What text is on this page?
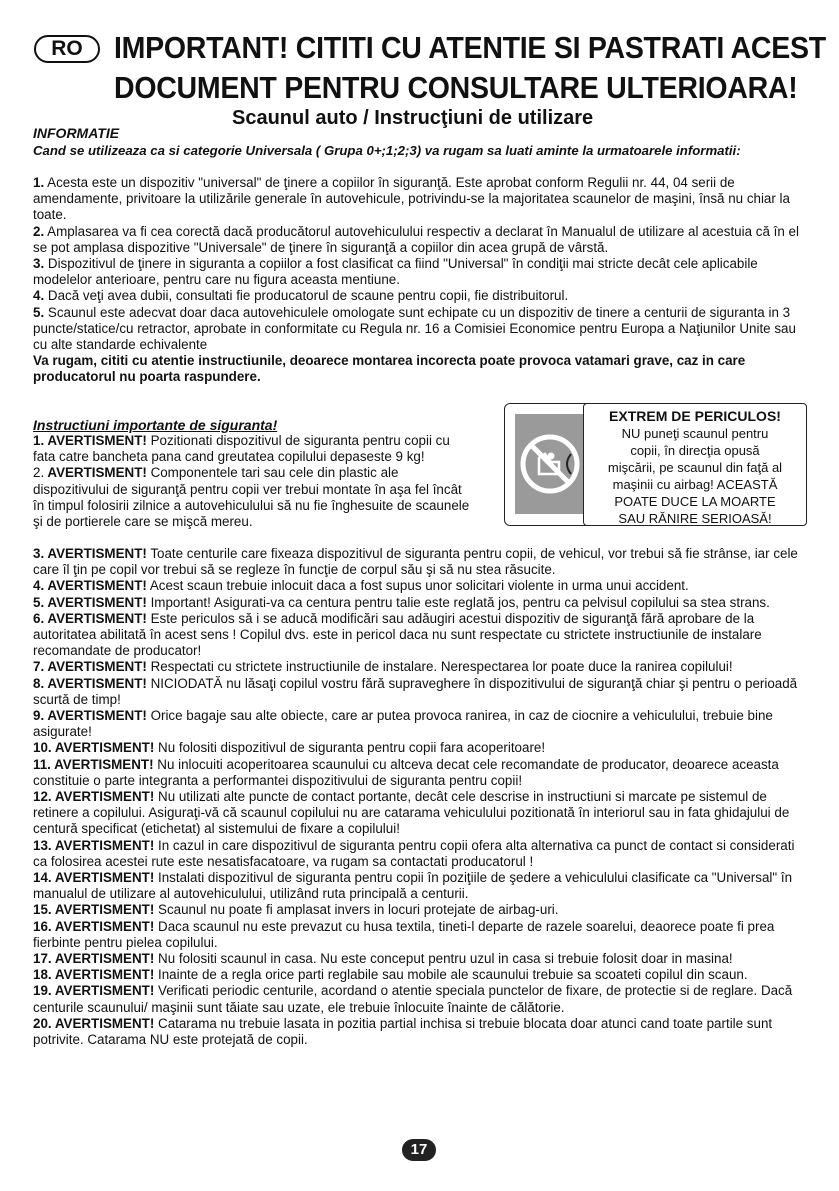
RO	IMPORTANT! CITITI CU ATENTIE SI PASTRATI ACEST
DOCUMENT PENTRU CONSULTARE ULTERIOARA!
Scaunul auto / Instrucţiuni de utilizare
INFORMATIE
Cand se utilizeaza ca si categorie Universala ( Grupa 0+;1;2;3) va rugam sa luati aminte la urmatoarele informatii:

1. Acesta este un dispozitiv "universal" de ţinere a copiilor în siguranţă. Este aprobat conform Regulii nr. 44, 04 serii de amendamente, privitoare la utilizările generale în autovehicule, potrivindu-se la majoritatea scaunelor de maşini, însă nu chiar la toate.

2. Amplasarea va fi cea corectă dacă producătorul autovehiculului respectiv a declarat în Manualul de utilizare al acestuia că în el se pot amplasa dispozitive "Universale" de ţinere în siguranţă a copiilor din acea grupă de vârstă.

3. Dispozitivul de ţinere in siguranta a copiilor a fost clasificat ca fiind "Universal" în condiţii mai stricte decât cele aplicabile modelelor anterioare, pentru care nu figura aceasta mentiune.

4. Dacă veţi avea dubii, consultati fie producatorul de scaune pentru copii, fie distribuitorul.

5. Scaunul este adecvat doar daca autovehiculele omologate sunt echipate cu un dispozitiv de tinere a centurii de siguranta in 3 puncte/statice/cu retractor, aprobate in conformitate cu Regula nr. 16 a Comisiei Economice pentru Europa a Naţiunilor Unite sau cu alte standarde echivalente

Va rugam, cititi cu atentie instructiunile, deoarece montarea incorecta poate provoca vatamari grave, caz in care producatorul nu poarta raspundere.

Instructiuni importante de siguranta!

1. AVERTISMENT! Pozitionati dispozitivul de siguranta pentru copii cu fata catre bancheta pana cand greutatea copilului depaseste 9 kg!

2. AVERTISMENT! Componentele tari sau cele din plastic ale dispozitivului de siguranţă pentru copii ver trebui montate în aşa fel încât în timpul folosirii zilnice a autovehiculului să nu fie înghesuite de scaunele şi de portierele care se mişcă mereu.

EXTREM DE PERICULOS!
NU puneţi scaunul pentru
copii, în direcţia opusă
mişcării, pe scaunul din faţă al
maşinii cu airbag! ACEASTĂ
POATE DUCE LA MOARTE
SAU RĂNIRE SERIOASĂ!

3. AVERTISMENT! Toate centurile care fixeaza dispozitivul de siguranta pentru copii, de vehicul, vor trebui să fie strânse, iar cele care îl ţin pe copil vor trebui să se regleze în funcţie de corpul său şi să nu stea răsucite.

4. AVERTISMENT! Acest scaun trebuie inlocuit daca a fost supus unor solicitari violente in urma unui accident.

5. AVERTISMENT! Important! Asigurati-va ca centura pentru talie este reglată jos, pentru ca pelvisul copilului sa stea strans.

6. AVERTISMENT! Este periculos să i se aducă modificări sau adăugiri acestui dispozitiv de siguranţă fără aprobare de la autoritatea abilitată în acest sens ! Copilul dvs. este in pericol daca nu sunt respectate cu strictete instructiunile de instalare recomandate de producator!

7. AVERTISMENT! Respectati cu strictete instructiunile de instalare. Nerespectarea lor poate duce la ranirea copilului!

8. AVERTISMENT! NICIODATĂ nu lăsaţi copilul vostru fără supraveghere în dispozitivului de siguranţă chiar şi pentru o perioadă scurtă de timp!

9. AVERTISMENT! Orice bagaje sau alte obiecte, care ar putea provoca ranirea, in caz de ciocnire a vehiculului, trebuie bine asigurate!

10. AVERTISMENT! Nu folositi dispozitivul de siguranta pentru copii fara acoperitoare!

11. AVERTISMENT! Nu inlocuiti acoperitoarea scaunului cu altceva decat cele recomandate de producator, deoarece aceasta constituie o parte integranta a performantei dispozitivului de siguranta pentru copii!

12. AVERTISMENT! Nu utilizati alte puncte de contact portante, decât cele descrise in instructiuni si marcate pe sistemul de retinere a copilului. Asiguraţi-vă că scaunul copilului nu are catarama vehiculului pozitionată în interiorul sau in fata ghidajului de centură specificat (etichetat) al sistemului de fixare a copilului!

13. AVERTISMENT! In cazul in care dispozitivul de siguranta pentru copii ofera alta alternativa ca punct de contact si considerati ca folosirea acestei rute este nesatisfacatoare, va rugam sa contactati producatorul !

14. AVERTISMENT! Instalati dispozitivul de siguranta pentru copii în poziţiile de şedere a vehiculului clasificate ca "Universal" în manualul de utilizare al autovehiculului, utilizând ruta principală a centurii.

15. AVERTISMENT! Scaunul nu poate fi amplasat invers in locuri protejate de airbag-uri.

16. AVERTISMENT! Daca scaunul nu este prevazut cu husa textila, tineti-l departe de razele soarelui, deaorece poate fi prea fierbinte pentru pielea copilului.

17. AVERTISMENT! Nu folositi scaunul in casa. Nu este conceput pentru uzul in casa si trebuie folosit doar in masina!

18. AVERTISMENT! Inainte de a regla orice parti reglabile sau mobile ale scaunului trebuie sa scoateti copilul din scaun.

19. AVERTISMENT! Verificati periodic centurile, acordand o atentie speciala punctelor de fixare, de protectie si de reglare. Dacă centurile scaunului/ maşinii sunt tăiate sau uzate, ele trebuie înlocuite înainte de călătorie.

20. AVERTISMENT! Catarama nu trebuie lasata in pozitia partial inchisa si trebuie blocata doar atunci cand toate partile sunt potrivite. Catarama NU este protejată de copii.

17
